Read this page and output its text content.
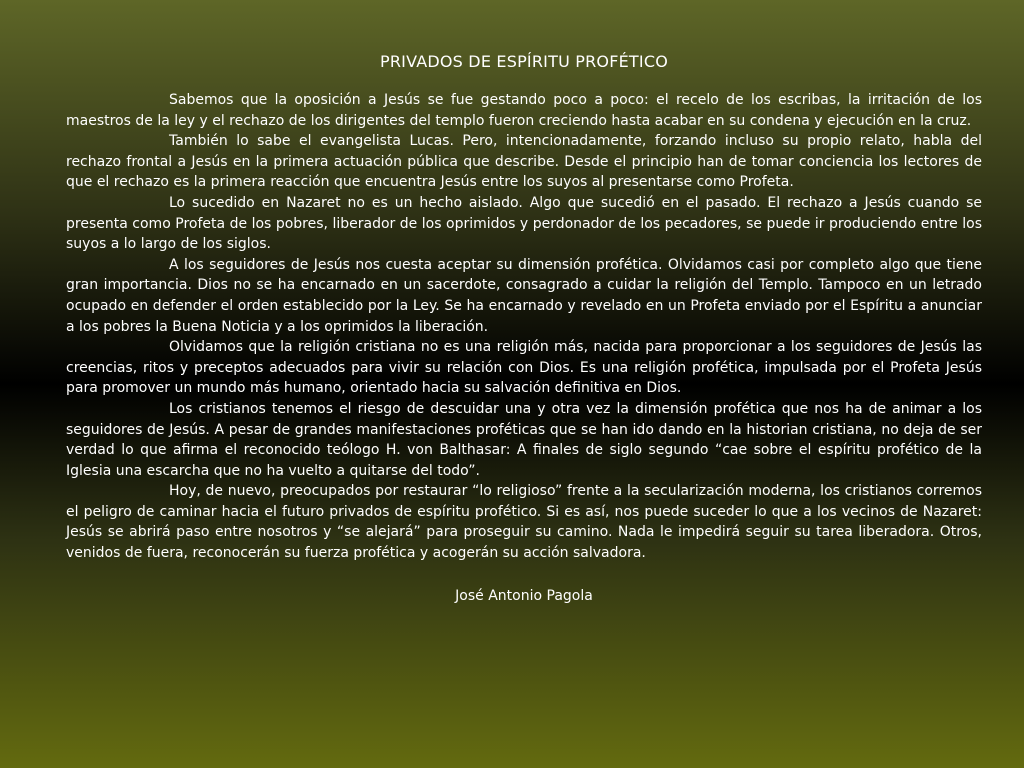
PRIVADOS DE ESPÍRITU PROFÉTICO

Sabemos que la oposición a Jesús se fue gestando poco a poco: el recelo de los escribas, la irritación de los maestros de la ley y el rechazo de los dirigentes del templo fueron creciendo hasta acabar en su condena y ejecución en la cruz.

También lo sabe el evangelista Lucas. Pero, intencionadamente, forzando incluso su propio relato, habla del rechazo frontal a Jesús en la primera actuación pública que describe. Desde el principio han de tomar conciencia los lectores de que el rechazo es la primera reacción que encuentra Jesús entre los suyos al presentarse como Profeta.

Lo sucedido en Nazaret no es un hecho aislado. Algo que sucedió en el pasado. El rechazo a Jesús cuando se presenta como Profeta de los pobres, liberador de los oprimidos y perdonador de los pecadores, se puede ir produciendo entre los suyos a lo largo de los siglos.

A los seguidores de Jesús nos cuesta aceptar su dimensión profética. Olvidamos casi por completo algo que tiene gran importancia. Dios no se ha encarnado en un sacerdote, consagrado a cuidar la religión del Templo. Tampoco en un letrado ocupado en defender el orden establecido por la Ley. Se ha encarnado y revelado en un Profeta enviado por el Espíritu a anunciar a los pobres la Buena Noticia y a los oprimidos la liberación.

Olvidamos que la religión cristiana no es una religión más, nacida para proporcionar a los seguidores de Jesús las creencias, ritos y preceptos adecuados para vivir su relación con Dios. Es una religión profética, impulsada por el Profeta Jesús para promover un mundo más humano, orientado hacia su salvación definitiva en Dios.

Los cristianos tenemos el riesgo de descuidar una y otra vez la dimensión profética que nos ha de animar a los seguidores de Jesús. A pesar de grandes manifestaciones proféticas que se han ido dando en la historian cristiana, no deja de ser verdad lo que afirma el reconocido teólogo H. von Balthasar: A finales de siglo segundo “cae sobre el espíritu profético de la Iglesia una escarcha que no ha vuelto a quitarse del todo”.

Hoy, de nuevo, preocupados por restaurar “lo religioso” frente a la secularización moderna, los cristianos corremos el peligro de caminar hacia el futuro privados de espíritu profético. Si es así, nos puede suceder lo que a los vecinos de Nazaret: Jesús se abrirá paso entre nosotros y “se alejará” para proseguir su camino. Nada le impedirá seguir su tarea liberadora. Otros, venidos de fuera, reconocerán su fuerza profética y acogerán su acción salvadora.

José Antonio Pagola
